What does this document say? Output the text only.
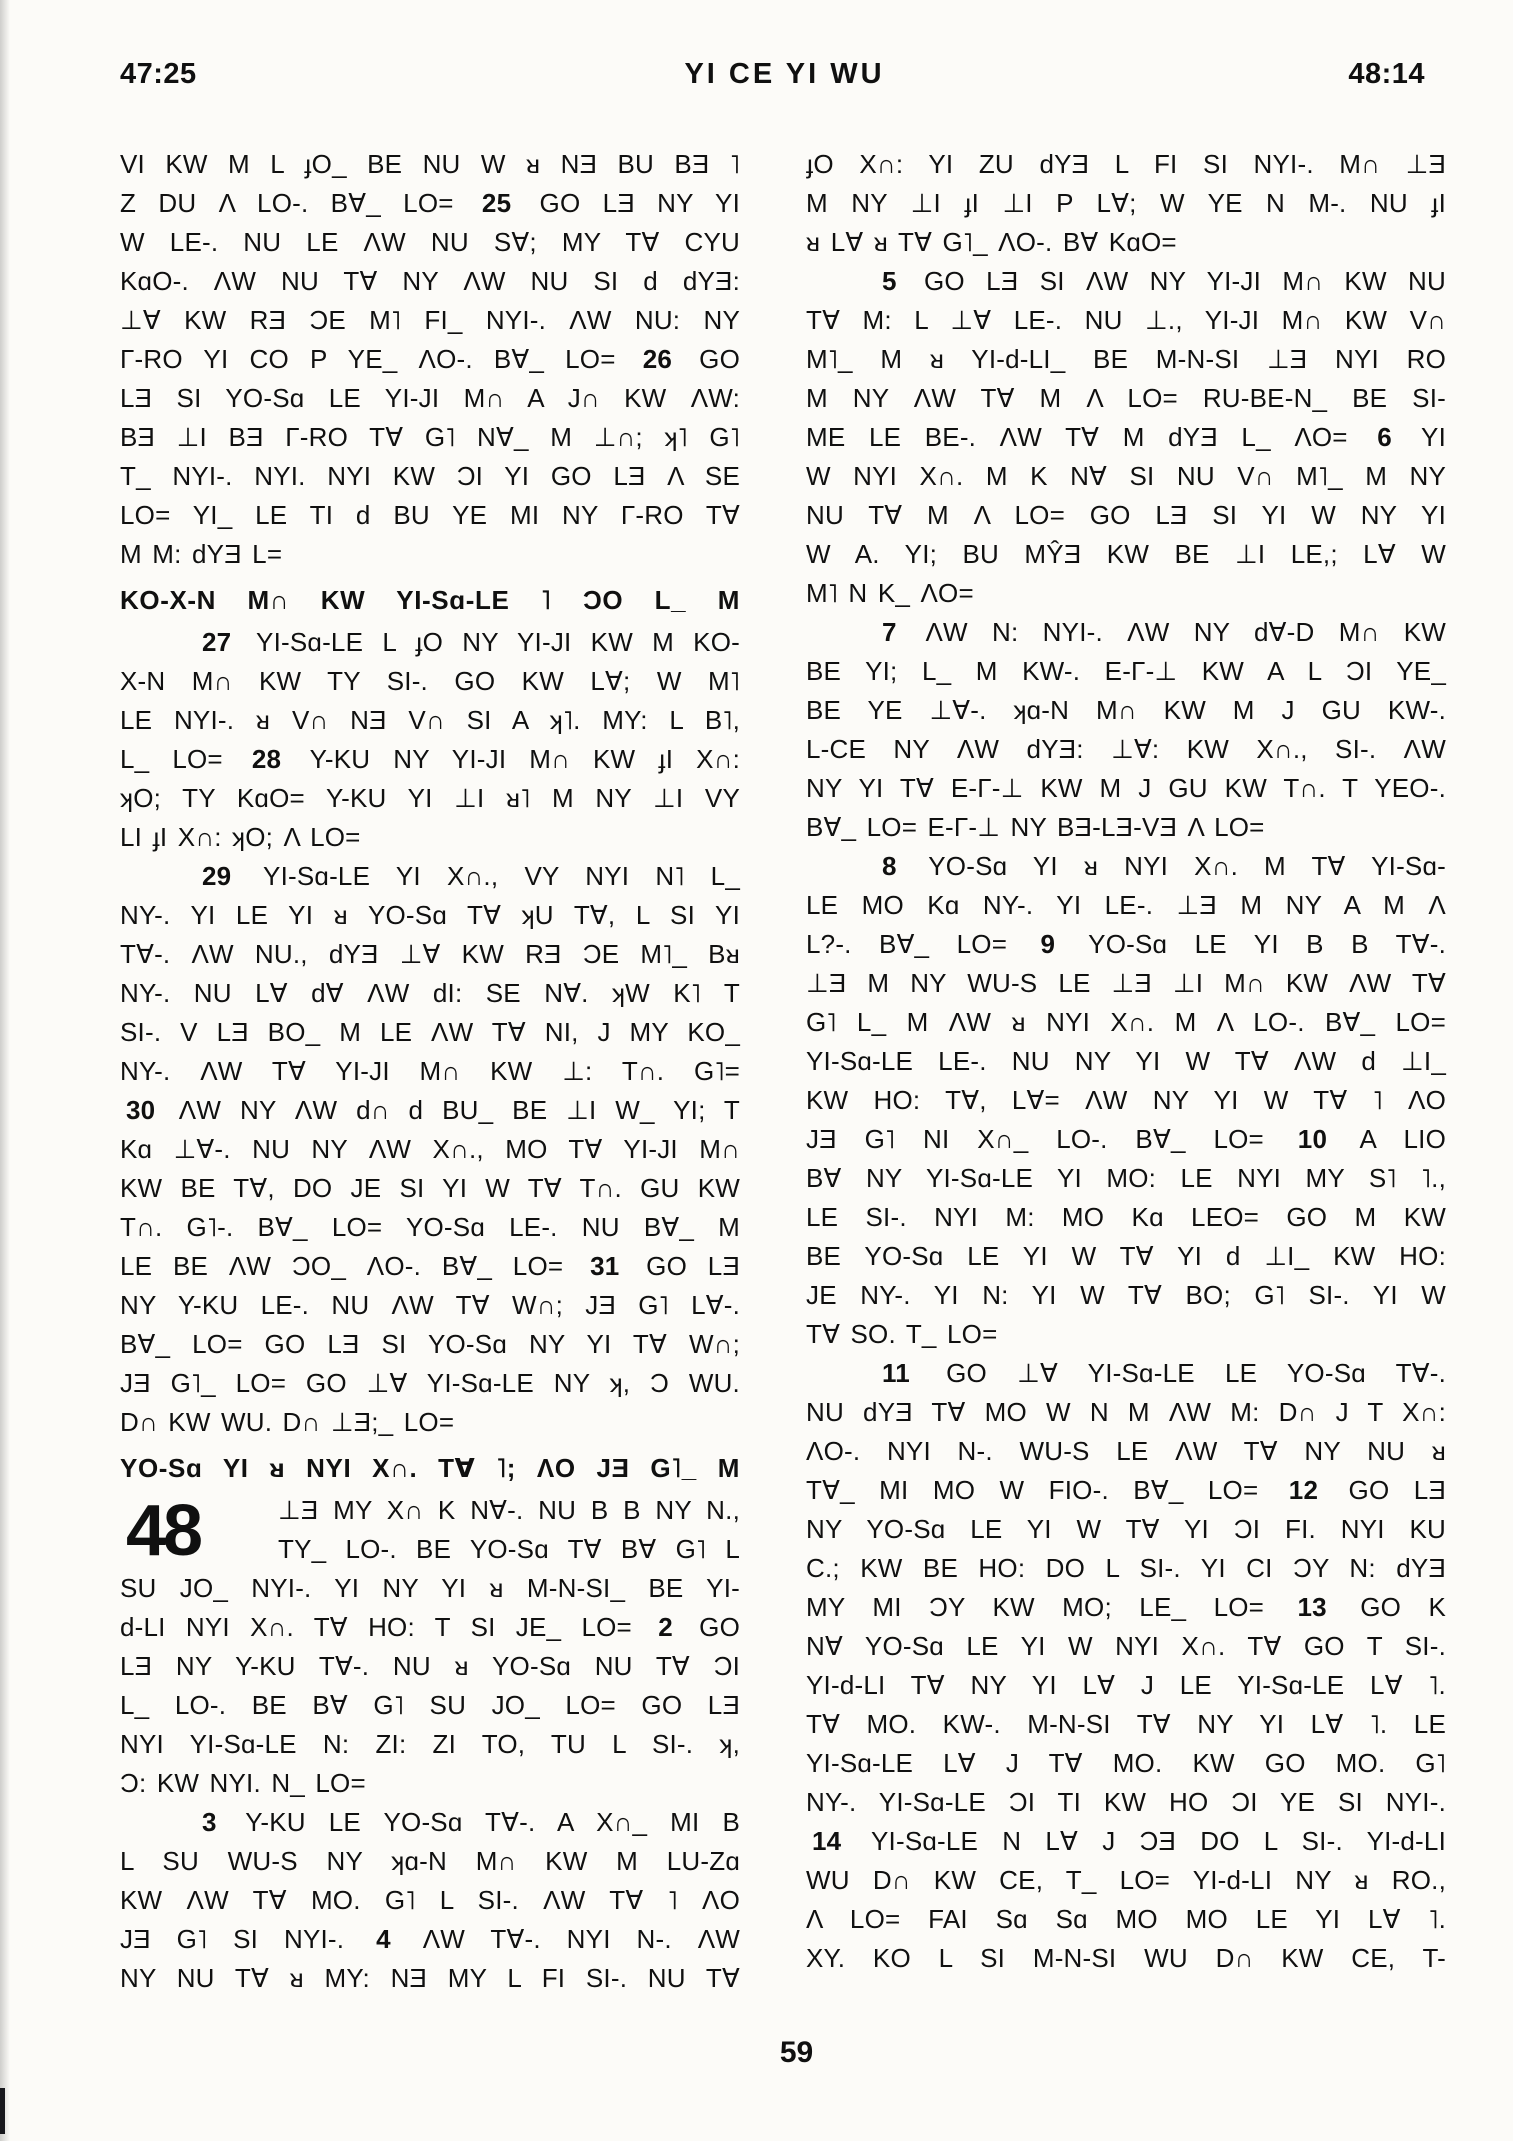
47:25	YI CE YI WU	48:14
VI KW M L ɟO_ BE NU W ᴚ NƎ BU BƎ ˥
Z DU Λ LO-. B∀_ LO= 25 GO LƎ NY YI
W LE-. NU LE ΛW NU S∀; MY T∀ CYU
KɑO-. ΛW NU T∀ NY ΛW NU SI d dYƎ:
⊥∀ KW RƎ ƆE M˥ FI_ NYI-. ΛW NU: NY
Γ-RO YI CO P YE_ ΛO-. B∀_ LO= 26 GO
LƎ SI YO-Sɑ LE YI-JI M∩ A J∩ KW ΛW:
BƎ ⊥I BƎ Γ-RO T∀ G˥ N∀_ M ⊥∩; ʞ˥ G˥
T_ NYI-. NYI. NYI KW ƆI YI GO LƎ Λ SE
LO= YI_ LE TI d BU YE MI NY Γ-RO T∀
M M: dYƎ L=
KO-X-N M∩ KW YI-Sɑ-LE ˥ ƆO L_ M
27 YI-Sɑ-LE L ɟO NY YI-JI KW M KO-
X-N M∩ KW TY SI-. GO KW L∀; W M˥
LE NYI-. ᴚ V∩ NƎ V∩ SI A ʞ˥. MY: L B˥,
L_ LO= 28 Y-KU NY YI-JI M∩ KW ɟI X∩:
ʞO; TY KɑO= Y-KU YI ⊥I ᴚ˥ M NY ⊥I VY
LI ɟI X∩: ʞO; Λ LO=
29 YI-Sɑ-LE YI X∩., VY NYI N˥ L_
NY-. YI LE YI ᴚ YO-Sɑ T∀ ʞU T∀, L SI YI
T∀-. ΛW NU., dYƎ ⊥∀ KW RƎ ƆE M˥_ Bᴚ
NY-. NU L∀ d∀ ΛW dI: SE N∀. ʞW K˥ T
SI-. V LƎ BO_ M LE ΛW T∀ NI, J MY KO_
NY-. ΛW T∀ YI-JI M∩ KW ⊥: T∩. G˥=
30 ΛW NY ΛW d∩ d BU_ BE ⊥I W_ YI; T
Kɑ ⊥∀-. NU NY ΛW X∩., MO T∀ YI-JI M∩
KW BE T∀, DO JE SI YI W T∀ T∩. GU KW
T∩. G˥-. B∀_ LO= YO-Sɑ LE-. NU B∀_ M
LE BE ΛW ƆO_ ΛO-. B∀_ LO= 31 GO LƎ
NY Y-KU LE-. NU ΛW T∀ W∩; JƎ G˥ L∀-.
B∀_ LO= GO LƎ SI YO-Sɑ NY YI T∀ W∩;
JƎ G˥_ LO= GO ⊥∀ YI-Sɑ-LE NY ʞ, Ɔ WU.
D∩ KW WU. D∩ ⊥Ǝ;_ LO=
YO-Sɑ YI ᴚ NYI X∩. T∀ ˥; ΛO JƎ G˥_ M
48	⊥Ǝ MY X∩ K N∀-. NU B B NY N.,
TY_ LO-. BE YO-Sɑ T∀ B∀ G˥ L
SU JO_ NYI-. YI NY YI ᴚ M-N-SI_ BE YI-
d-LI NYI X∩. T∀ HO: T SI JE_ LO= 2 GO
LƎ NY Y-KU T∀-. NU ᴚ YO-Sɑ NU T∀ ƆI
L_ LO-. BE B∀ G˥ SU JO_ LO= GO LƎ
NYI YI-Sɑ-LE N: ZI: ZI TO, TU L SI-. ʞ,
Ɔ: KW NYI. N_ LO=
3 Y-KU LE YO-Sɑ T∀-. A X∩_ MI B
L SU WU-S NY ʞɑ-N M∩ KW M LU-Zɑ
KW ΛW T∀ MO. G˥ L SI-. ΛW T∀ ˥ ΛO
JƎ G˥ SI NYI-. 4 ΛW T∀-. NYI N-. ΛW
NY NU T∀ ᴚ MY: NƎ MY L FI SI-. NU T∀
ɟO X∩: YI ZU dYƎ L FI SI NYI-. M∩ ⊥Ǝ
M NY ⊥I ɟI ⊥I P L∀; W YE N M-. NU ɟI
ᴚ L∀ ᴚ T∀ G˥_ ΛO-. B∀ KɑO=
5 GO LƎ SI ΛW NY YI-JI M∩ KW NU
T∀ M: L ⊥∀ LE-. NU ⊥., YI-JI M∩ KW V∩
M˥_ M ᴚ YI-d-LI_ BE M-N-SI ⊥Ǝ NYI RO
M NY ΛW T∀ M Λ LO= RU-BE-N_ BE SI-
ME LE BE-. ΛW T∀ M dYƎ L_ ΛO= 6 YI
W NYI X∩. M K N∀ SI NU V∩ M˥_ M NY
NU T∀ M Λ LO= GO LƎ SI YI W NY YI
W A. YI; BU MŶƎ KW BE ⊥I LE,; L∀ W
M˥ N K_ ΛO=
7 ΛW N: NYI-. ΛW NY d∀-D M∩ KW
BE YI; L_ M KW-. E-Γ-⊥ KW A L ƆI YE_
BE YE ⊥∀-. ʞɑ-N M∩ KW M J GU KW-.
L-CE NY ΛW dYƎ: ⊥∀: KW X∩., SI-. ΛW
NY YI T∀ E-Γ-⊥ KW M J GU KW T∩. T YEO-.
B∀_ LO= E-Γ-⊥ NY BƎ-LƎ-VƎ Λ LO=
8 YO-Sɑ YI ᴚ NYI X∩. M T∀ YI-Sɑ-
LE MO Kɑ NY-. YI LE-. ⊥Ǝ M NY A M Λ
L?-. B∀_ LO= 9 YO-Sɑ LE YI B B T∀-.
⊥Ǝ M NY WU-S LE ⊥Ǝ ⊥I M∩ KW ΛW T∀
G˥ L_ M ΛW ᴚ NYI X∩. M Λ LO-. B∀_ LO=
YI-Sɑ-LE LE-. NU NY YI W T∀ ΛW d ⊥I_
KW HO: T∀, L∀= ΛW NY YI W T∀ ˥ ΛO
JƎ G˥ NI X∩_ LO-. B∀_ LO= 10 A LIO
B∀ NY YI-Sɑ-LE YI MO: LE NYI MY S˥ ˥.,
LE SI-. NYI M: MO Kɑ LEO= GO M KW
BE YO-Sɑ LE YI W T∀ YI d ⊥I_ KW HO:
JE NY-. YI N: YI W T∀ BO; G˥ SI-. YI W
T∀ SO. T_ LO=
11 GO ⊥∀ YI-Sɑ-LE LE YO-Sɑ T∀-.
NU dYƎ T∀ MO W N M ΛW M: D∩ J T X∩:
ΛO-. NYI N-. WU-S LE ΛW T∀ NY NU ᴚ
T∀_ MI MO W FIO-. B∀_ LO= 12 GO LƎ
NY YO-Sɑ LE YI W T∀ YI ƆI FI. NYI KU
C.; KW BE HO: DO L SI-. YI CI ƆY N: dYƎ
MY MI ƆY KW MO; LE_ LO= 13 GO K
N∀ YO-Sɑ LE YI W NYI X∩. T∀ GO T SI-.
YI-d-LI T∀ NY YI L∀ J LE YI-Sɑ-LE L∀ ˥.
T∀ MO. KW-. M-N-SI T∀ NY YI L∀ ˥. LE
YI-Sɑ-LE L∀ J T∀ MO. KW GO MO. G˥
NY-. YI-Sɑ-LE ƆI TI KW HO ƆI YE SI NYI-.
14 YI-Sɑ-LE N L∀ J ƆƎ DO L SI-. YI-d-LI
WU D∩ KW CE, T_ LO= YI-d-LI NY ᴚ RO.,
Λ LO= FAI Sɑ Sɑ MO MO LE YI L∀ ˥.
XY. KO L SI M-N-SI WU D∩ KW CE, T-
59
